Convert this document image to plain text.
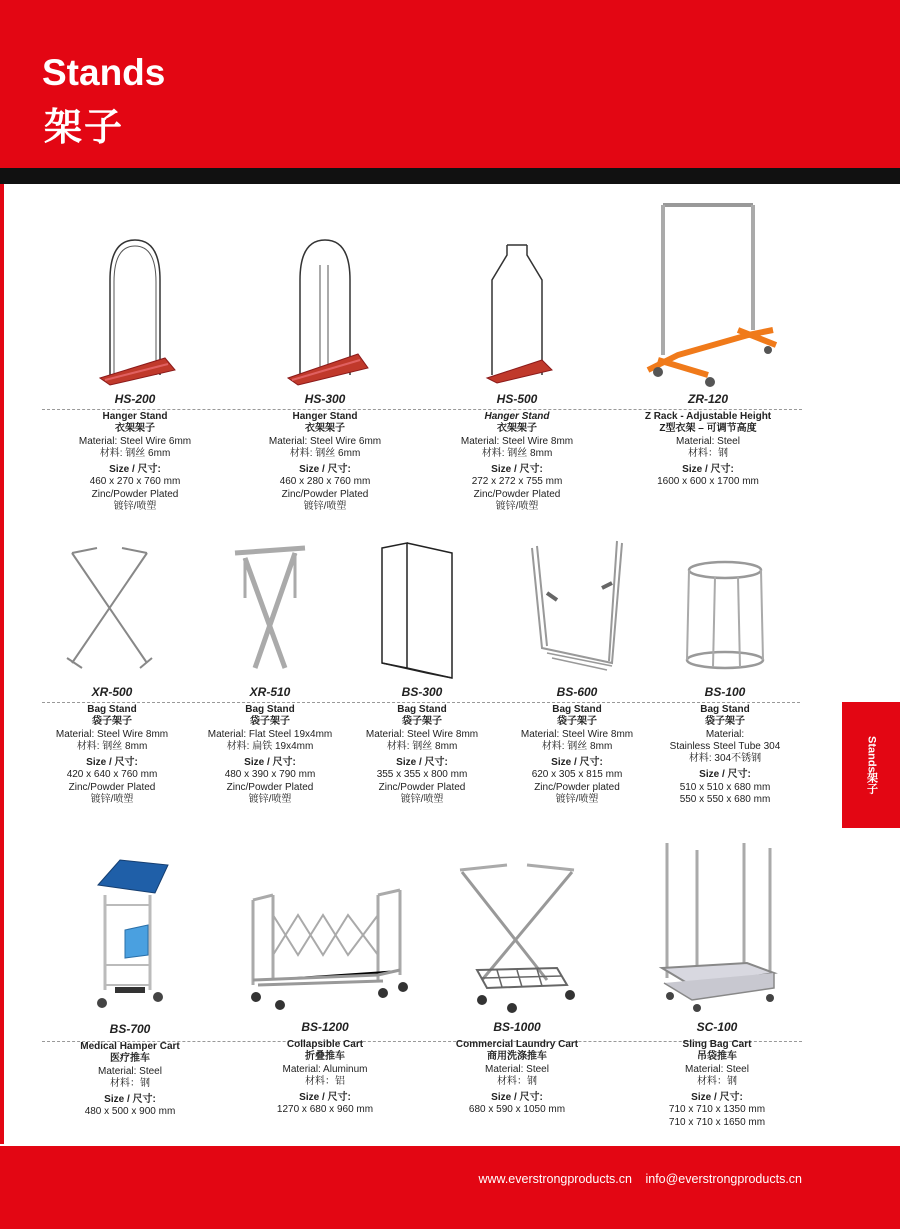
Stands
架子
Stands
架子
HS-200
Hanger Stand
衣架架子
Material: Steel Wire 6mm
材料: 钢丝 6mm
Size / 尺寸:
460 x 270 x 760 mm
Zinc/Powder Plated
镀锌/喷塑
HS-300
Hanger Stand
衣架架子
Material: Steel Wire 6mm
材料: 钢丝 6mm
Size / 尺寸:
460 x 280 x 760 mm
Zinc/Powder Plated
镀锌/喷塑
HS-500
Hanger Stand
衣架架子
Material: Steel Wire 8mm
材料: 钢丝 8mm
Size / 尺寸:
272 x 272 x 755 mm
Zinc/Powder Plated
镀锌/喷塑
ZR-120
Z Rack - Adjustable Height
Z型衣架 – 可调节高度
Material: Steel
材料：钢
Size / 尺寸:
1600 x 600 x 1700 mm
XR-500
Bag Stand
袋子架子
Material: Steel Wire 8mm
材料: 钢丝 8mm
Size / 尺寸:
420 x 640 x 760 mm
Zinc/Powder Plated
镀锌/喷塑
XR-510
Bag Stand
袋子架子
Material: Flat Steel 19x4mm
材料: 扁铁 19x4mm
Size / 尺寸:
480 x 390 x 790 mm
Zinc/Powder Plated
镀锌/喷塑
BS-300
Bag Stand
袋子架子
Material: Steel Wire 8mm
材料: 钢丝 8mm
Size / 尺寸:
355 x 355 x 800 mm
Zinc/Powder Plated
镀锌/喷塑
BS-600
Bag Stand
袋子架子
Material: Steel Wire 8mm
材料: 钢丝 8mm
Size / 尺寸:
620 x 305 x 815 mm
Zinc/Powder plated
镀锌/喷塑
BS-100
Bag Stand
袋子架子
Material:
Stainless Steel Tube 304
材料: 304不锈钢
Size / 尺寸:
510 x 510 x 680 mm
550 x 550 x 680 mm
BS-700
Medical Hamper Cart
医疗推车
Material: Steel
材料：钢
Size / 尺寸:
480 x 500 x 900 mm
BS-1200
Collapsible Cart
折叠推车
Material: Aluminum
材料：铝
Size / 尺寸:
1270 x 680 x 960 mm
BS-1000
Commercial Laundry Cart
商用洗涤推车
Material: Steel
材料：钢
Size / 尺寸:
680 x 590 x 1050 mm
SC-100
Sling Bag Cart
吊袋推车
Material: Steel
材料：钢
Size / 尺寸:
710 x 710 x 1350 mm
710 x 710 x 1650 mm
www.everstrongproducts.cn info@everstrongproducts.cn
